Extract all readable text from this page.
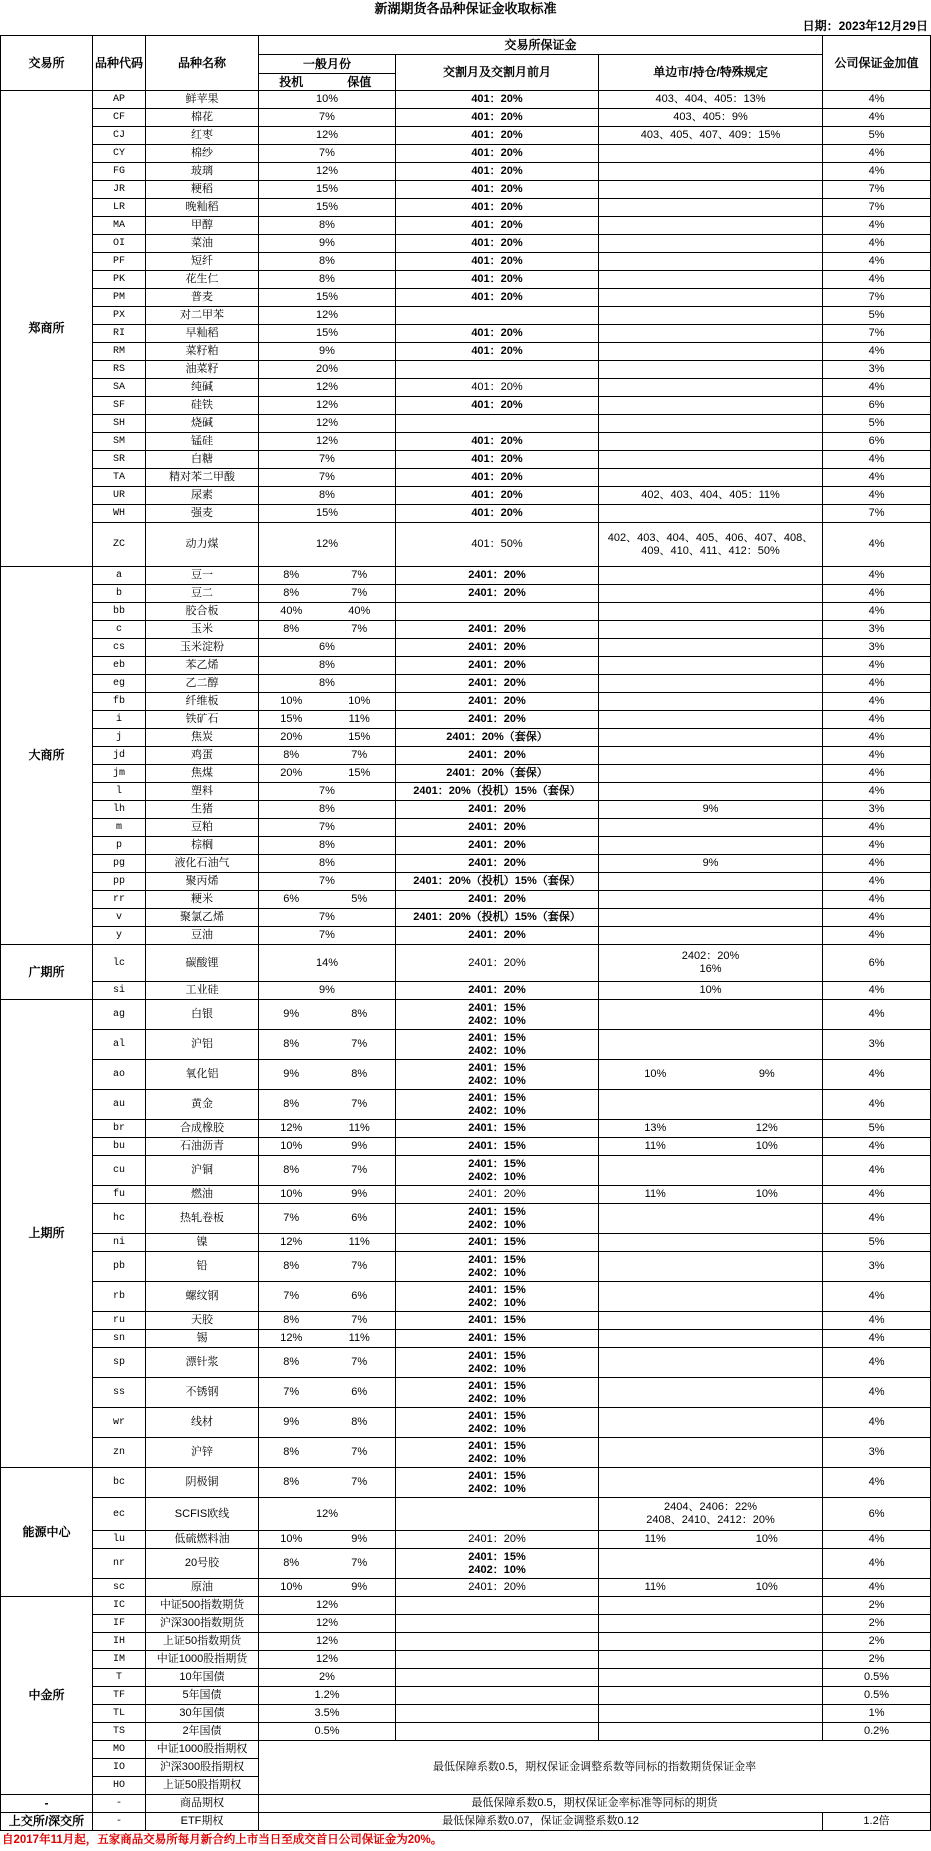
新湖期货各品种保证金收取标准
日期：2023年12月29日
交易所	品种代码	品种名称	交易所保证金					公司保证金加值
			一般月份		交割月及交割月前月	单边市/持仓/特殊规定		
			投机	保值				
郑商所	AP	鲜苹果	10%		401：20%	403、404、405：13%		4%
	CF	棉花	7%		401：20%	403、405：9%		4%
	CJ	红枣	12%		401：20%	403、405、407、409：15%		5%
	CY	棉纱	7%		401：20%			4%
	FG	玻璃	12%		401：20%			4%
	JR	粳稻	15%		401：20%			7%
	LR	晚籼稻	15%		401：20%			7%
	MA	甲醇	8%		401：20%			4%
	OI	菜油	9%		401：20%			4%
	PF	短纤	8%		401：20%			4%
	PK	花生仁	8%		401：20%			4%
	PM	普麦	15%		401：20%			7%
	PX	对二甲苯	12%					5%
	RI	早籼稻	15%		401：20%			7%
	RM	菜籽粕	9%		401：20%			4%
	RS	油菜籽	20%					3%
	SA	纯碱	12%		401：20%			4%
	SF	硅铁	12%		401：20%			6%
	SH	烧碱	12%					5%
	SM	锰硅	12%		401：20%			6%
	SR	白糖	7%		401：20%			4%
	TA	精对苯二甲酸	7%		401：20%			4%
	UR	尿素	8%		401：20%	402、403、404、405：11%		4%
	WH	强麦	15%		401：20%			7%
	ZC	动力煤	12%		401：50%	402、403、404、405、406、407、408、
409、410、411、412：50%		4%
大商所	a	豆一	8%	7%	2401：20%			4%
	b	豆二	8%	7%	2401：20%			4%
	bb	胶合板	40%	40%				4%
	c	玉米	8%	7%	2401：20%			3%
	cs	玉米淀粉	6%		2401：20%			3%
	eb	苯乙烯	8%		2401：20%			4%
	eg	乙二醇	8%		2401：20%			4%
	fb	纤维板	10%	10%	2401：20%			4%
	i	铁矿石	15%	11%	2401：20%			4%
	j	焦炭	20%	15%	2401：20%（套保）			4%
	jd	鸡蛋	8%	7%	2401：20%			4%
	jm	焦煤	20%	15%	2401：20%（套保）			4%
	l	塑料	7%		2401：20%（投机）15%（套保）			4%
	lh	生猪	8%		2401：20%	9%		3%
	m	豆粕	7%		2401：20%			4%
	p	棕榈	8%		2401：20%			4%
	pg	液化石油气	8%		2401：20%	9%		4%
	pp	聚丙烯	7%		2401：20%（投机）15%（套保）			4%
	rr	粳米	6%	5%	2401：20%			4%
	v	聚氯乙烯	7%		2401：20%（投机）15%（套保）			4%
	y	豆油	7%		2401：20%			4%
广期所	lc	碳酸锂	14%		2401：20%	2402：20%
16%		6%
	si	工业硅	9%		2401：20%	10%		4%
上期所	ag	白银	9%	8%	2401：15%
2402：10%			4%
	al	沪铝	8%	7%	2401：15%
2402：10%			3%
	ao	氧化铝	9%	8%	2401：15%
2402：10%	10%	9%	4%
	au	黄金	8%	7%	2401：15%
2402：10%			4%
	br	合成橡胶	12%	11%	2401：15%	13%	12%	5%
	bu	石油沥青	10%	9%	2401：15%	11%	10%	4%
	cu	沪铜	8%	7%	2401：15%
2402：10%			4%
	fu	燃油	10%	9%	2401：20%	11%	10%	4%
	hc	热轧卷板	7%	6%	2401：15%
2402：10%			4%
	ni	镍	12%	11%	2401：15%			5%
	pb	铅	8%	7%	2401：15%
2402：10%			3%
	rb	螺纹钢	7%	6%	2401：15%
2402：10%			4%
	ru	天胶	8%	7%	2401：15%			4%
	sn	锡	12%	11%	2401：15%			4%
	sp	漂针浆	8%	7%	2401：15%
2402：10%			4%
	ss	不锈钢	7%	6%	2401：15%
2402：10%			4%
	wr	线材	9%	8%	2401：15%
2402：10%			4%
	zn	沪锌	8%	7%	2401：15%
2402：10%			3%
能源中心	bc	阴极铜	8%	7%	2401：15%
2402：10%			4%
	ec	SCFIS欧线	12%			2404、2406：22%
2408、2410、2412：20%		6%
	lu	低硫燃料油	10%	9%	2401：20%	11%	10%	4%
	nr	20号胶	8%	7%	2401：15%
2402：10%			4%
	sc	原油	10%	9%	2401：20%	11%	10%	4%
中金所	IC	中证500指数期货	12%					2%
	IF	沪深300指数期货	12%					2%
	IH	上证50指数期货	12%					2%
	IM	中证1000股指期货	12%					2%
	T	10年国债	2%					0.5%
	TF	5年国债	1.2%					0.5%
	TL	30年国债	3.5%					1%
	TS	2年国债	0.5%					0.2%
	MO	中证1000股指期权	最低保障系数0.5，期权保证金调整系数等同标的指数期货保证金率					
	IO	沪深300股指期权						
	HO	上证50股指期权						
-	-	商品期权	最低保障系数0.5，期权保证金率标准等同标的期货					
上交所/深交所	-	ETF期权	最低保障系数0.07，保证金调整系数0.12					1.2倍
自2017年11月起，五家商品交易所每月新合约上市当日至成交首日公司保证金为20%。
